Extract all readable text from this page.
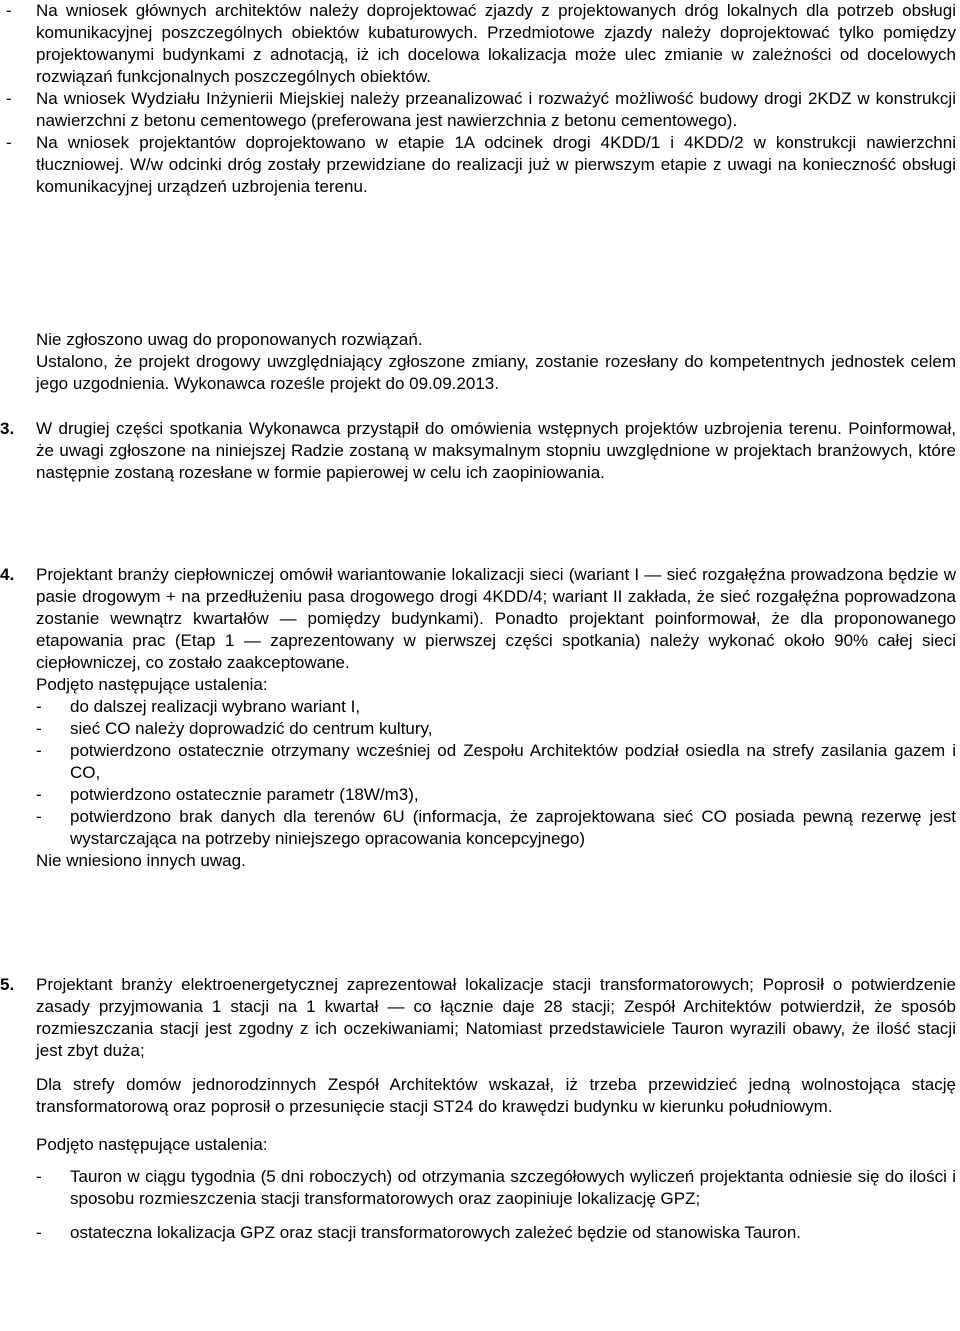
- Na wniosek głównych architektów należy doprojektować zjazdy z projektowanych dróg lokalnych dla potrzeb obsługi komunikacyjnej poszczególnych obiektów kubaturowych. Przedmiotowe zjazdy należy doprojektować tylko pomiędzy projektowanymi budynkami z adnotacją, iż ich docelowa lokalizacja może ulec zmianie w zależności od docelowych rozwiązań funkcjonalnych poszczególnych obiektów.

- Na wniosek Wydziału Inżynierii Miejskiej należy przeanalizować i rozważyć możliwość budowy drogi 2KDZ w konstrukcji nawierzchni z betonu cementowego (preferowana jest nawierzchnia z betonu cementowego).

- Na wniosek projektantów doprojektowano w etapie 1A odcinek drogi 4KDD/1 i 4KDD/2 w konstrukcji nawierzchni tłuczniowej. W/w odcinki dróg zostały przewidziane do realizacji już w pierwszym etapie z uwagi na konieczność obsługi komunikacyjnej urządzeń uzbrojenia terenu.

Nie zgłoszono uwag do proponowanych rozwiązań.

Ustalono, że projekt drogowy uwzględniający zgłoszone zmiany, zostanie rozesłany do kompetentnych jednostek celem jego uzgodnienia. Wykonawca roześle projekt do 09.09.2013.

3. W drugiej części spotkania Wykonawca przystąpił do omówienia wstępnych projektów uzbrojenia terenu. Poinformował, że uwagi zgłoszone na niniejszej Radzie zostaną w maksymalnym stopniu uwzględnione w projektach branżowych, które następnie zostaną rozesłane w formie papierowej w celu ich zaopiniowania.
4. Projektant branży ciepłowniczej omówił wariantowanie lokalizacji sieci (wariant I — sieć rozgałęźna prowadzona będzie w pasie drogowym + na przedłużeniu pasa drogowego drogi 4KDD/4; wariant II zakłada, że sieć rozgałęźna poprowadzona zostanie wewnątrz kwartałów — pomiędzy budynkami). Ponadto projektant poinformował, że dla proponowanego etapowania prac (Etap 1 — zaprezentowany w pierwszej części spotkania) należy wykonać około 90% całej sieci ciepłowniczej, co zostało zaakceptowane.

Podjęto następujące ustalenia:

- do dalszej realizacji wybrano wariant I,

- sieć CO należy doprowadzić do centrum kultury,

- potwierdzono ostatecznie otrzymany wcześniej od Zespołu Architektów podział osiedla na strefy zasilania gazem i CO,

- potwierdzono ostatecznie parametr (18W/m3),

- potwierdzono brak danych dla terenów 6U (informacja, że zaprojektowana sieć CO posiada pewną rezerwę jest wystarczająca na potrzeby niniejszego opracowania koncepcyjnego)

Nie wniesiono innych uwag.

5. Projektant branży elektroenergetycznej zaprezentował lokalizacje stacji transformatorowych; Poprosił o potwierdzenie zasady przyjmowania 1 stacji na 1 kwartał — co łącznie daje 28 stacji; Zespół Architektów potwierdził, że sposób rozmieszczania stacji jest zgodny z ich oczekiwaniami; Natomiast przedstawiciele Tauron wyrazili obawy, że ilość stacji jest zbyt duża;

Dla strefy domów jednorodzinnych Zespół Architektów wskazał, iż trzeba przewidzieć jedną wolnostojąca stację transformatorową oraz poprosił o przesunięcie stacji ST24 do krawędzi budynku w kierunku południowym.

Podjęto następujące ustalenia:

- Tauron w ciągu tygodnia (5 dni roboczych) od otrzymania szczegółowych wyliczeń projektanta odniesie się do ilości i sposobu rozmieszczenia stacji transformatorowych oraz zaopiniuje lokalizację GPZ;

- ostateczna lokalizacja GPZ oraz stacji transformatorowych zależeć będzie od stanowiska Tauron.
